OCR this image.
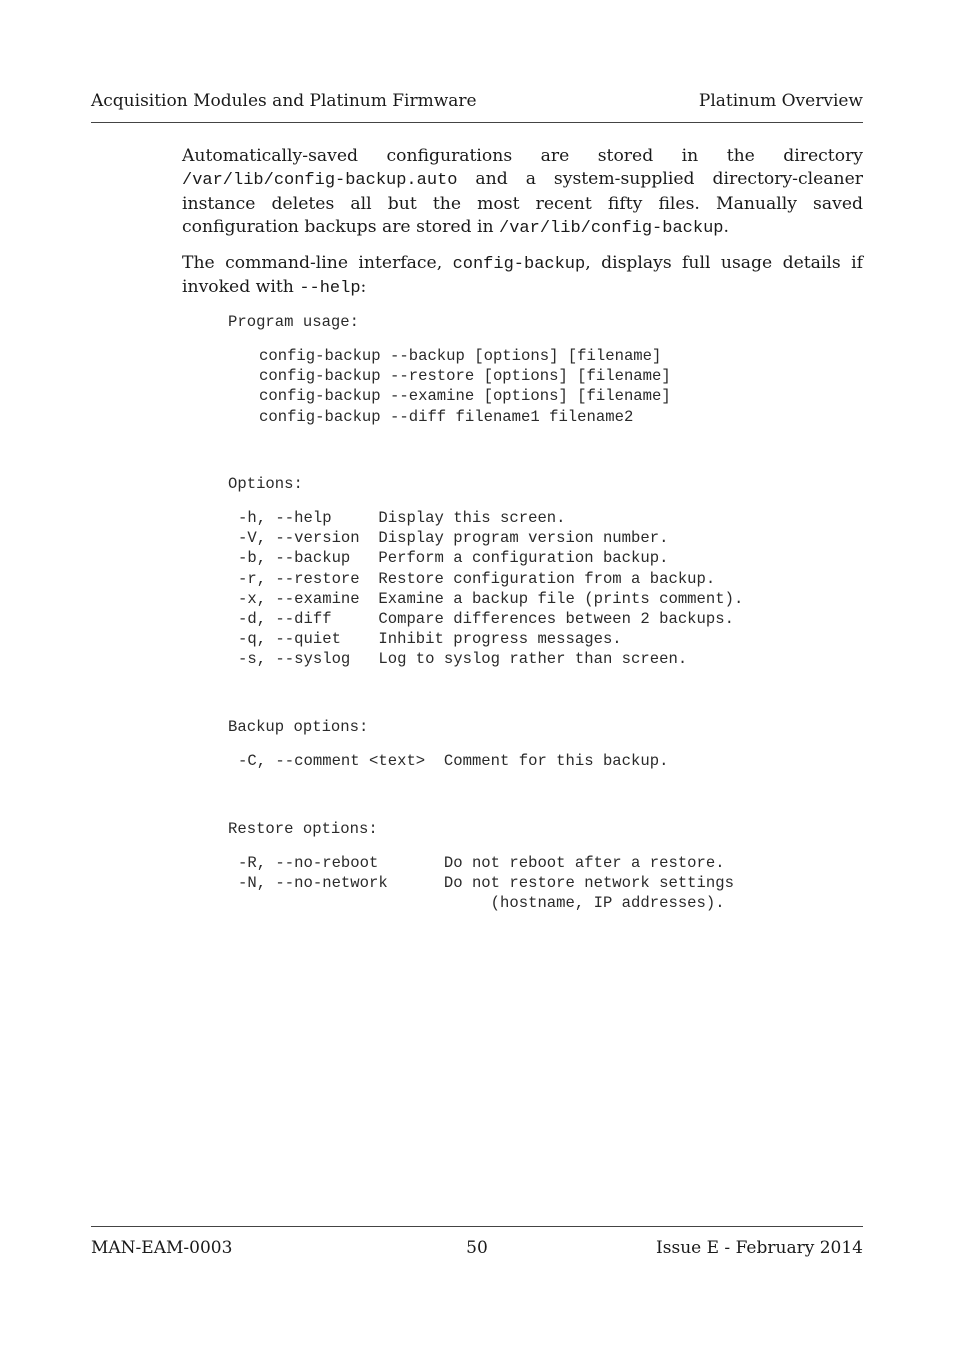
Acquisition Modules and Platinum Firmware	Platinum Overview

Automatically-saved configurations are stored in the directory /var/lib/config-backup.auto and a system-supplied directory-cleaner instance deletes all but the most recent fifty files. Manually saved configuration backups are stored in /var/lib/config-backup.

The command-line interface, config-backup, displays full usage details if invoked with --help:

Program usage:
config-backup --backup [options] [filename]
config-backup --restore [options] [filename]
config-backup --examine [options] [filename]
config-backup --diff filename1 filename2
Options:
-h, --help     Display this screen.
-V, --version  Display program version number.
-b, --backup   Perform a configuration backup.
-r, --restore  Restore configuration from a backup.
-x, --examine  Examine a backup file (prints comment).
-d, --diff     Compare differences between 2 backups.
-q, --quiet    Inhibit progress messages.
-s, --syslog   Log to syslog rather than screen.
Backup options:
-C, --comment <text>  Comment for this backup.
Restore options:
-R, --no-reboot       Do not reboot after a restore.
-N, --no-network      Do not restore network settings
(hostname, IP addresses).
MAN-EAM-0003	50	Issue E - February 2014
